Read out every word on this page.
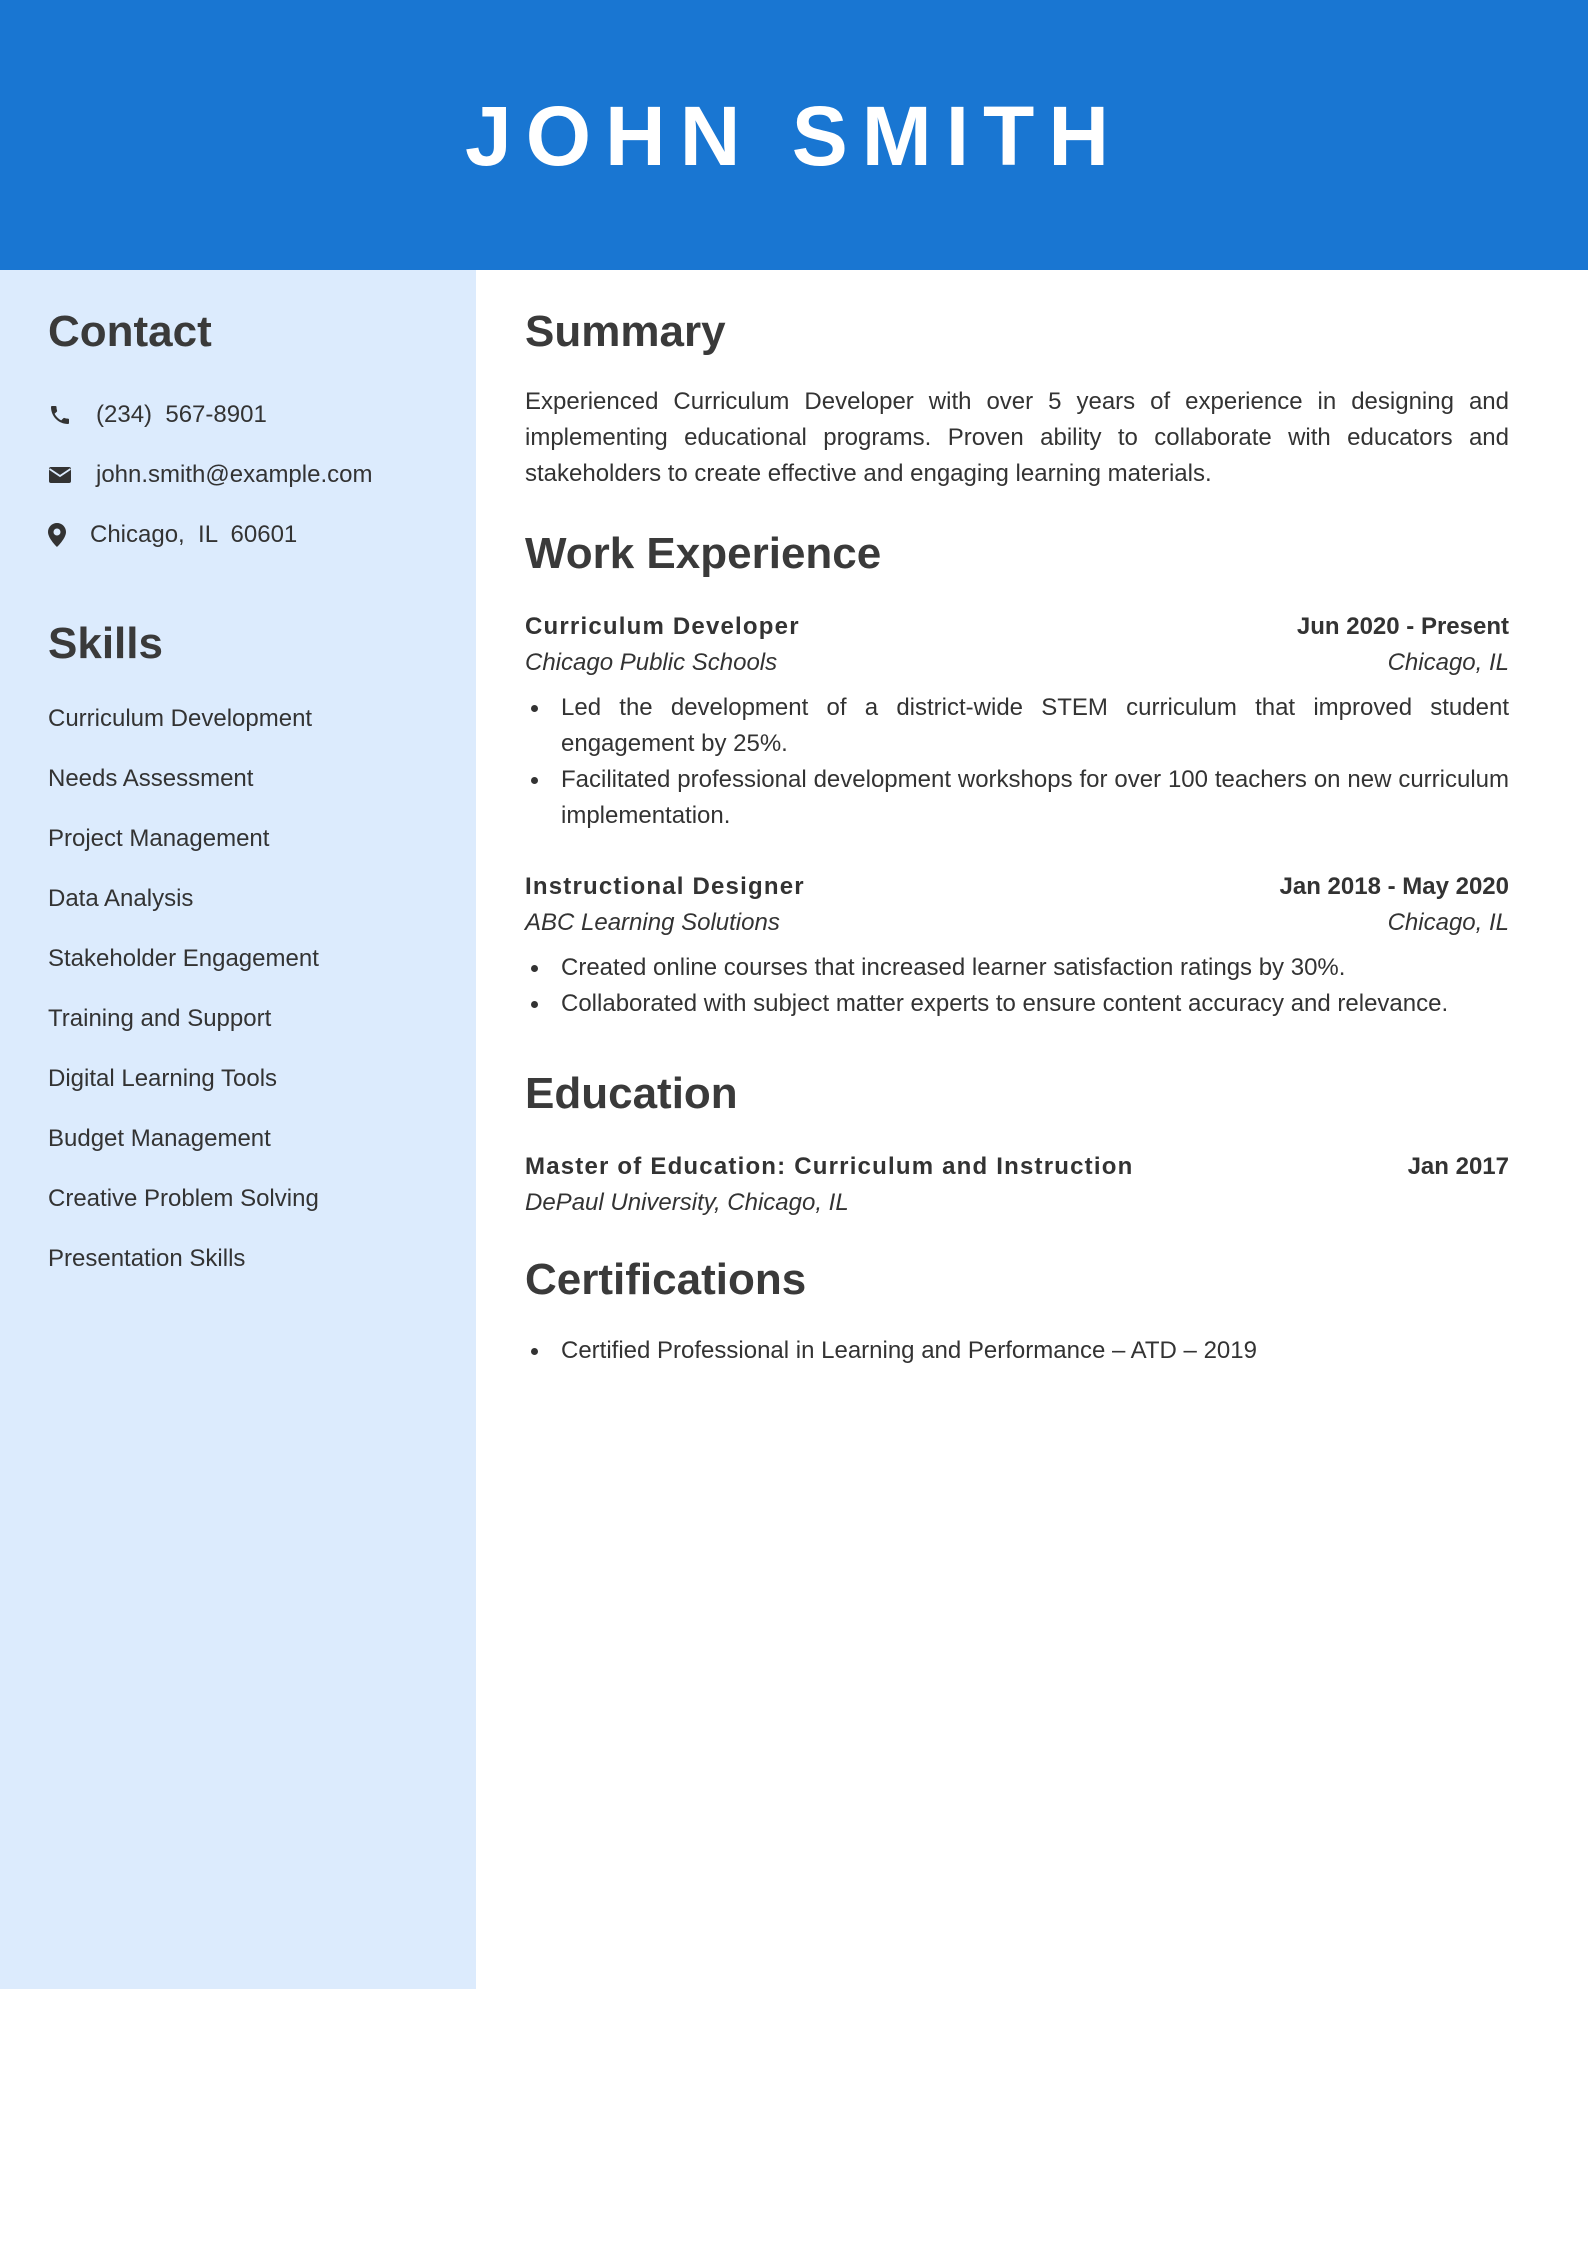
JOHN SMITH
Contact
(234)  567-8901
john.smith@example.com
Chicago,  IL  60601
Skills

Curriculum Development

Needs Assessment

Project Management

Data Analysis

Stakeholder Engagement

Training and Support

Digital Learning Tools

Budget Management

Creative Problem Solving

Presentation Skills

Summary

Experienced Curriculum Developer with over 5 years of experience in designing and implementing educational programs. Proven ability to collaborate with educators and stakeholders to create effective and engaging learning materials.

Work Experience
Curriculum Developer	Jun 2020 - Present
Chicago Public Schools	Chicago, IL
Led the development of a district-wide STEM curriculum that improved student engagement by 25%.
Facilitated professional development workshops for over 100 teachers on new curriculum implementation.
Instructional Designer	Jan 2018 - May 2020
ABC Learning Solutions	Chicago, IL
Created online courses that increased learner satisfaction ratings by 30%.
Collaborated with subject matter experts to ensure content accuracy and relevance.
Education
Master of Education: Curriculum and Instruction	Jan 2017
DePaul University, Chicago, IL
Certifications
Certified Professional in Learning and Performance – ATD – 2019
